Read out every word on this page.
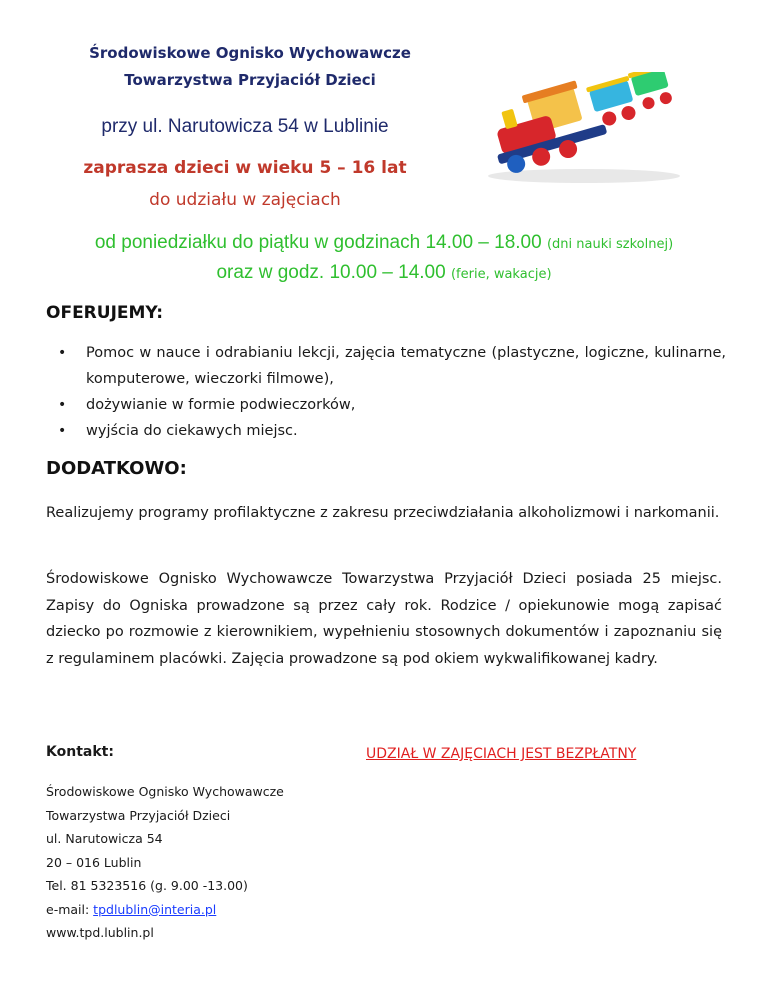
Środowiskowe Ognisko Wychowawcze
Towarzystwa Przyjaciół Dzieci
przy ul. Narutowicza 54 w Lublinie
zaprasza dzieci w wieku 5 – 16 lat
do udziału w zajęciach
od poniedziałku do piątku w godzinach 14.00 – 18.00 (dni nauki szkolnej)
oraz w godz. 10.00 – 14.00 (ferie, wakacje)
OFERUJEMY:
• Pomoc w nauce i odrabianiu lekcji, zajęcia tematyczne (plastyczne, logiczne, kulinarne, komputerowe, wieczorki filmowe),
• dożywianie w formie podwieczorków,
• wyjścia do ciekawych miejsc.
DODATKOWO:
Realizujemy programy profilaktyczne z zakresu przeciwdziałania alkoholizmowi i narkomanii.
Środowiskowe Ognisko Wychowawcze Towarzystwa Przyjaciół Dzieci posiada 25 miejsc. Zapisy do Ogniska prowadzone są przez cały rok. Rodzice / opiekunowie mogą zapisać dziecko po rozmowie z kierownikiem, wypełnieniu stosownych dokumentów i zapoznaniu się z regulaminem placówki. Zajęcia prowadzone są pod okiem wykwalifikowanej kadry.
Kontakt:	UDZIAŁ W ZAJĘCIACH JEST BEZPŁATNY
Środowiskowe Ognisko Wychowawcze
Towarzystwa Przyjaciół Dzieci
ul. Narutowicza 54
20 – 016 Lublin
Tel. 81 5323516 (g. 9.00 -13.00)
e-mail: tpdlublin@interia.pl
www.tpd.lublin.pl
